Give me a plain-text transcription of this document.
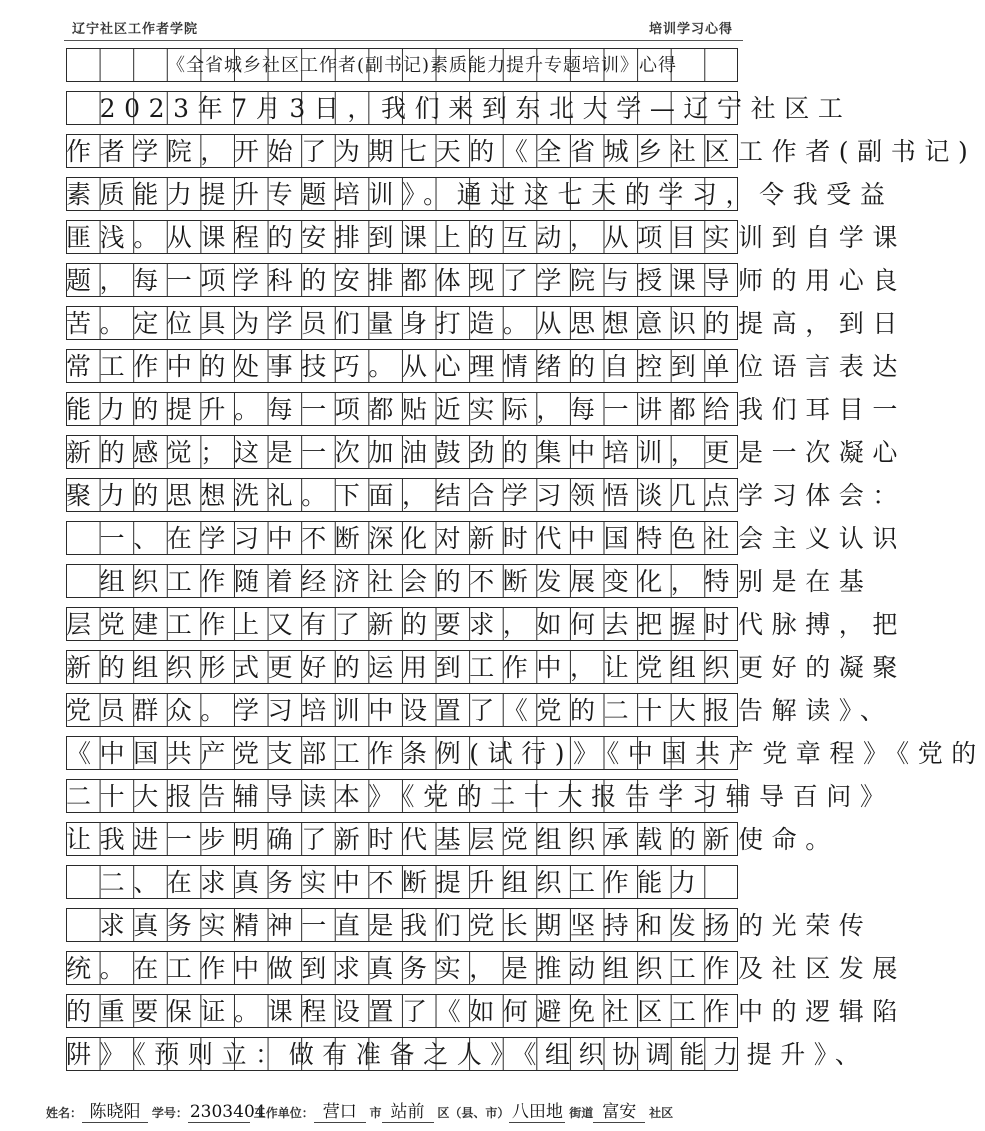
辽宁社区工作者学院	培训学习心得
《全省城乡社区工作者(副书记)素质能力提升专题培训》心得
　2023年7月3日，我们来到东北大学—辽宁社区工
作者学院，开始了为期七天的《全省城乡社区工作者(副书记)
素质能力提升专题培训》。通过这七天的学习，令我受益
匪浅。从课程的安排到课上的互动，从项目实训到自学课
题，每一项学科的安排都体现了学院与授课导师的用心良
苦。定位具为学员们量身打造。从思想意识的提高，到日
常工作中的处事技巧。从心理情绪的自控到单位语言表达
能力的提升。每一项都贴近实际，每一讲都给我们耳目一
新的感觉；这是一次加油鼓劲的集中培训，更是一次凝心
聚力的思想洗礼。下面，结合学习领悟谈几点学习体会：
　一、在学习中不断深化对新时代中国特色社会主义认识
　组织工作随着经济社会的不断发展变化，特别是在基
层党建工作上又有了新的要求，如何去把握时代脉搏，把
新的组织形式更好的运用到工作中，让党组织更好的凝聚
党员群众。学习培训中设置了《党的二十大报告解读》、
《中国共产党支部工作条例(试行)》《中国共产党章程》《党的
二十大报告辅导读本》《党的二十大报告学习辅导百问》
让我进一步明确了新时代基层党组织承载的新使命。
　二、在求真务实中不断提升组织工作能力
　求真务实精神一直是我们党长期坚持和发扬的光荣传
统。在工作中做到求真务实，是推动组织工作及社区发展
的重要保证。课程设置了《如何避免社区工作中的逻辑陷
阱》《预则立：做有准备之人》《组织协调能力提升》、
姓名： 陈晓阳 学号： 2303404 工作单位： 营口 市 站前 区（县、市） 八田地 街道 富安 社区
